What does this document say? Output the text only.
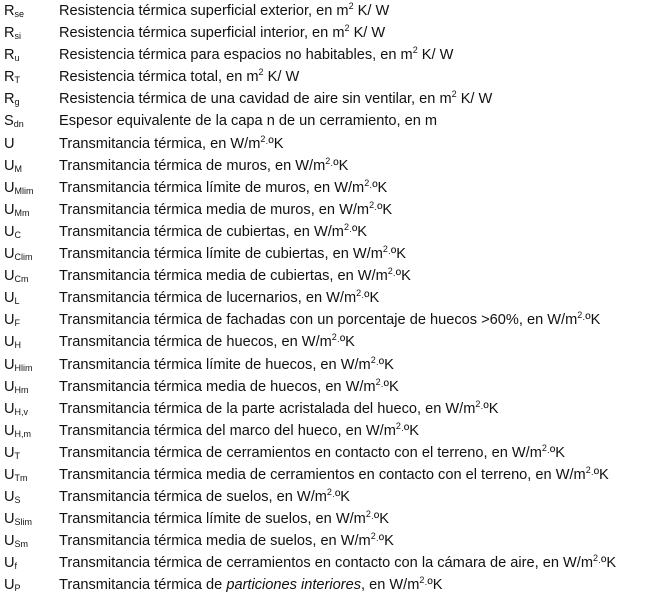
$R_{se}$	Resistencia térmica superficial exterior, en $m^2$ K/ W
$R_{si}$	Resistencia térmica superficial interior, en $m^2$ K/ W
$R_u$	Resistencia térmica para espacios no habitables, en $m^2$ K/ W
$R_T$	Resistencia térmica total, en $m^2$ K/ W
$R_g$	Resistencia térmica de una cavidad de aire sin ventilar, en $m^2$ K/ W
$S_{dn}$	Espesor equivalente de la capa n de un cerramiento, en m
U	Transmitancia térmica, en $W/m^2\cdot ºK$
$U_M$	Transmitancia térmica de muros, en $W/m^2\cdot ºK$
$U_{Mlim}$	Transmitancia térmica límite de muros, en $W/m^2\cdot ºK$
$U_{Mm}$	Transmitancia térmica media de muros, en $W/m^2\cdot ºK$
$U_C$	Transmitancia térmica de cubiertas, en $W/m^2\cdot ºK$
$U_{Clim}$	Transmitancia térmica límite de cubiertas, en $W/m^2\cdot ºK$
$U_{Cm}$	Transmitancia térmica media de cubiertas, en $W/m^2\cdot ºK$
$U_L$	Transmitancia térmica de lucernarios, en $W/m^2\cdot ºK$
$U_F$	Transmitancia térmica de fachadas con un porcentaje de huecos >60%, en $W/m^2\cdot ºK$
$U_H$	Transmitancia térmica de huecos, en $W/m^2\cdot ºK$
$U_{Hlim}$	Transmitancia térmica límite de huecos, en $W/m^2\cdot ºK$
$U_{Hm}$	Transmitancia térmica media de huecos, en $W/m^2\cdot ºK$
$U_{H,v}$	Transmitancia térmica de la parte acristalada del hueco, en $W/m^2\cdot ºK$
$U_{H,m}$	Transmitancia térmica del marco del hueco, en $W/m^2\cdot ºK$
$U_T$	Transmitancia térmica de cerramientos en contacto con el terreno, en $W/m^2\cdot ºK$
$U_{Tm}$	Transmitancia térmica media de cerramientos en contacto con el terreno, en $W/m^2\cdot ºK$
$U_S$	Transmitancia térmica de suelos, en $W/m^2\cdot ºK$
$U_{Slim}$	Transmitancia térmica límite de suelos, en $W/m^2\cdot ºK$
$U_{Sm}$	Transmitancia térmica media de suelos, en $W/m^2\cdot ºK$
$U_f$	Transmitancia térmica de cerramientos en contacto con la cámara de aire, en $W/m^2\cdot ºK$
$U_P$	Transmitancia térmica de particiones interiores, en $W/m^2\cdot ºK$
